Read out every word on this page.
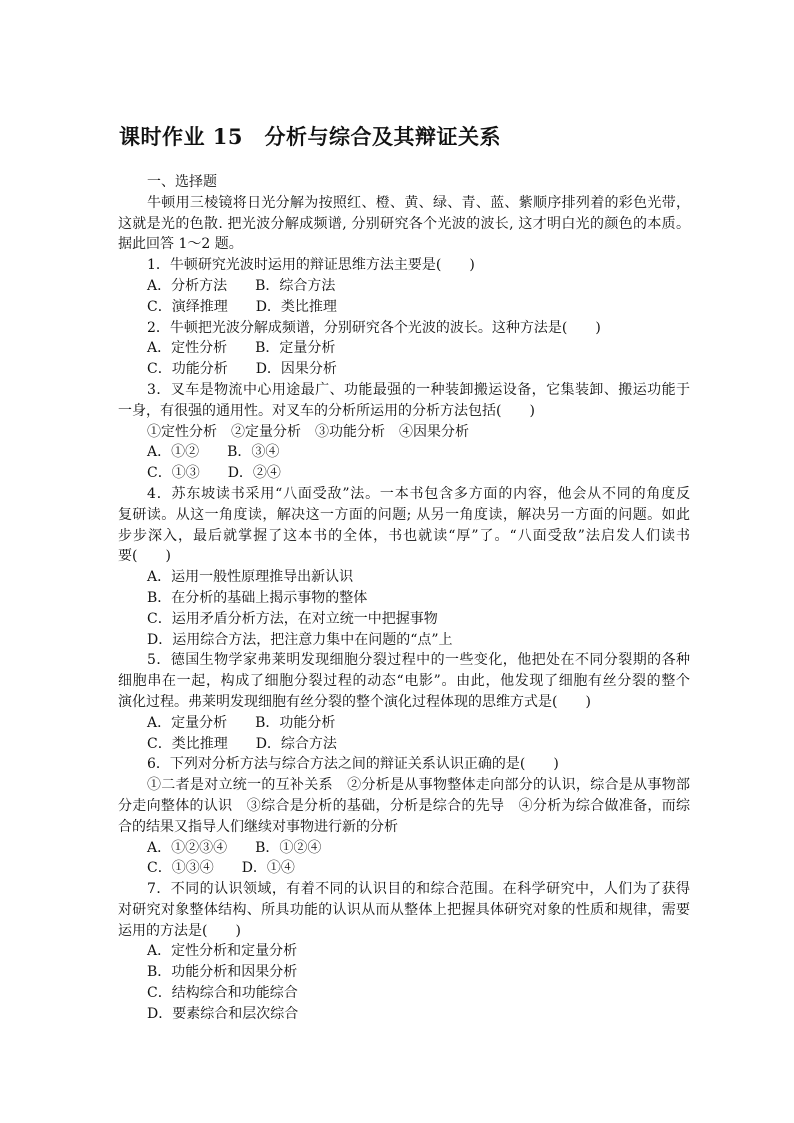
课时作业 15　分析与综合及其辩证关系
一、选择题
牛顿用三棱镜将日光分解为按照红、橙、黄、绿、青、蓝、紫顺序排列着的彩色光带，
这就是光的色散. 把光波分解成频谱, 分别研究各个光波的波长, 这才明白光的颜色的本质。
据此回答 1～2 题。
1．牛顿研究光波时运用的辩证思维方法主要是(　　)
A．分析方法　　B．综合方法
C．演绎推理　　D．类比推理
2．牛顿把光波分解成频谱，分别研究各个光波的波长。这种方法是(　　)
A．定性分析　　B．定量分析
C．功能分析　　D．因果分析
3．叉车是物流中心用途最广、功能最强的一种装卸搬运设备，它集装卸、搬运功能于
一身，有很强的通用性。对叉车的分析所运用的分析方法包括(　　)
①定性分析　②定量分析　③功能分析　④因果分析
A．①②　　B．③④
C．①③　　D．②④
4．苏东坡读书采用“八面受敌”法。一本书包含多方面的内容，他会从不同的角度反
复研读。从这一角度读，解决这一方面的问题; 从另一角度读，解决另一方面的问题。如此
步步深入，最后就掌握了这本书的全体，书也就读“厚”了。“八面受敌”法启发人们读书
要(　　)
A．运用一般性原理推导出新认识
B．在分析的基础上揭示事物的整体
C．运用矛盾分析方法，在对立统一中把握事物
D．运用综合方法，把注意力集中在问题的“点”上
5．德国生物学家弗莱明发现细胞分裂过程中的一些变化，他把处在不同分裂期的各种
细胞串在一起，构成了细胞分裂过程的动态“电影”。由此，他发现了细胞有丝分裂的整个
演化过程。弗莱明发现细胞有丝分裂的整个演化过程体现的思维方式是(　　)
A．定量分析　　B．功能分析
C．类比推理　　D．综合方法
6．下列对分析方法与综合方法之间的辩证关系认识正确的是(　　)
①二者是对立统一的互补关系　②分析是从事物整体走向部分的认识，综合是从事物部
分走向整体的认识　③综合是分析的基础，分析是综合的先导　④分析为综合做准备，而综
合的结果又指导人们继续对事物进行新的分析
A．①②③④　　B．①②④
C．①③④　　D．①④
7．不同的认识领域，有着不同的认识目的和综合范围。在科学研究中，人们为了获得
对研究对象整体结构、所具功能的认识从而从整体上把握具体研究对象的性质和规律，需要
运用的方法是(　　)
A．定性分析和定量分析
B．功能分析和因果分析
C．结构综合和功能综合
D．要素综合和层次综合
